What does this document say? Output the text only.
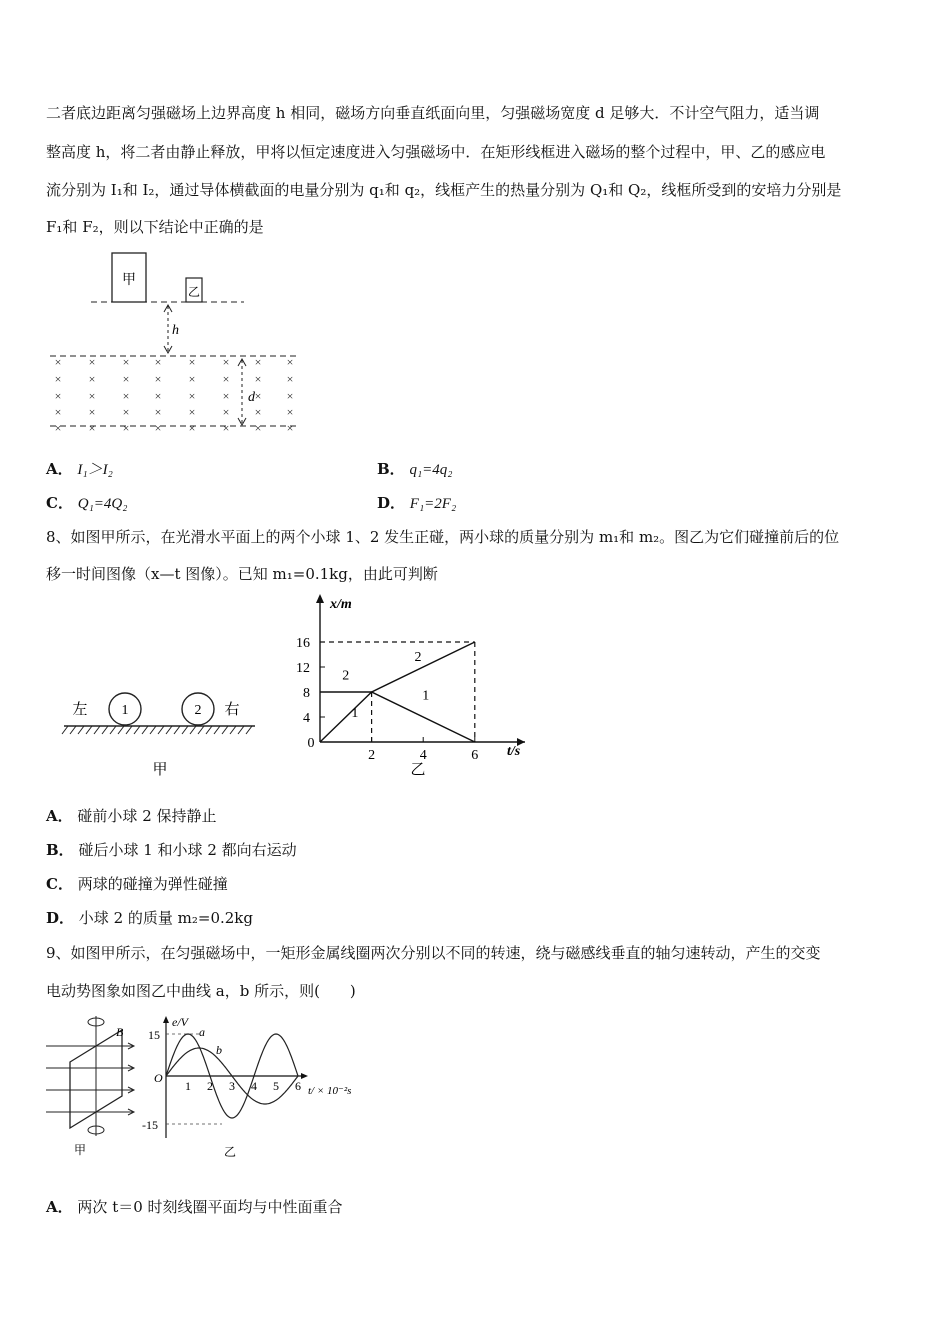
二者底边距离匀强磁场上边界高度 h 相同，磁场方向垂直纸面向里，匀强磁场宽度 d 足够大．不计空气阻力，适当调
整高度 h，将二者由静止释放，甲将以恒定速度进入匀强磁场中．在矩形线框进入磁场的整个过程中，甲、乙的感应电
流分别为 I₁和 I₂，通过导体横截面的电量分别为 q₁和 q₂，线框产生的热量分别为 Q₁和 Q₂，线框所受到的安培力分别是
F₁和 F₂，则以下结论中正确的是
甲
乙
h
d
× × × × × × × ×
× × × × × × × ×
× × × × × × × ×
× × × × × × × ×
× × × × × × × ×
A． I₁＞I₂	B． q₁=4q₂
C． Q₁=4Q₂	D． F₁=2F₂
8、如图甲所示，在光滑水平面上的两个小球 1、2 发生正碰，两小球的质量分别为 m₁和 m₂。图乙为它们碰撞前后的位
移一时间图像（x—t 图像）。已知 m₁=0.1kg，由此可判断
左 1	2 右
甲
x/m
t/s
0
4
8
12
16
2	4	6
2
1
2
1
乙
A． 碰前小球 2 保持静止
B． 碰后小球 1 和小球 2 都向右运动
C． 两球的碰撞为弹性碰撞
D． 小球 2 的质量 m₂=0.2kg
9、如图甲所示，在匀强磁场中，一矩形金属线圈两次分别以不同的转速，绕与磁感线垂直的轴匀速转动，产生的交变
电动势图象如图乙中曲线 a，b 所示，则(　　)
B
甲
e/V
15
-15
O
1 2 3 4 5 6 t/ × 10⁻²s
a
b
乙
A． 两次 t＝0 时刻线圈平面均与中性面重合
